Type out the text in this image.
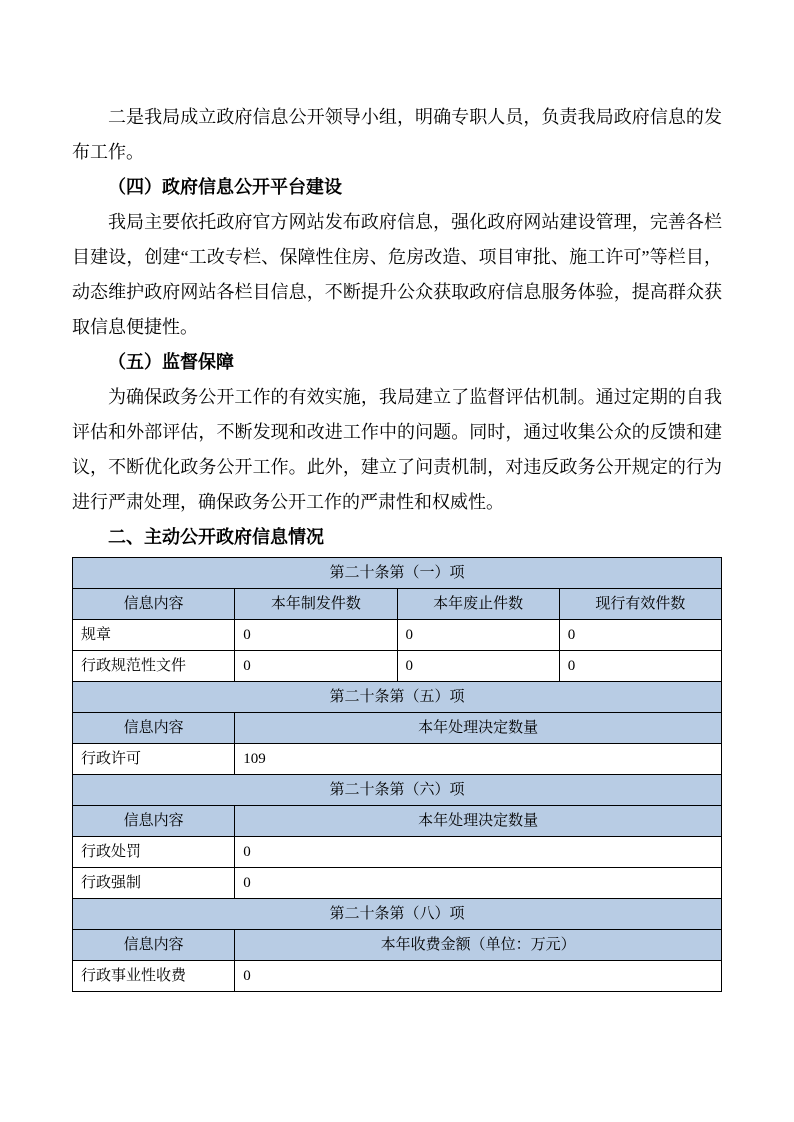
二是我局成立政府信息公开领导小组，明确专职人员，负责我局政府信息的发布工作。

（四）政府信息公开平台建设

我局主要依托政府官方网站发布政府信息，强化政府网站建设管理，完善各栏目建设，创建“工改专栏、保障性住房、危房改造、项目审批、施工许可”等栏目，动态维护政府网站各栏目信息，不断提升公众获取政府信息服务体验，提高群众获取信息便捷性。

（五）监督保障

为确保政务公开工作的有效实施，我局建立了监督评估机制。通过定期的自我评估和外部评估，不断发现和改进工作中的问题。同时，通过收集公众的反馈和建议，不断优化政务公开工作。此外，建立了问责机制，对违反政务公开规定的行为进行严肃处理，确保政务公开工作的严肃性和权威性。

二、主动公开政府信息情况

第二十条第（一）项			
信息内容	本年制发件数	本年废止件数	现行有效件数
规章	0	0	0
行政规范性文件	0	0	0
第二十条第（五）项			
信息内容	本年处理决定数量		
行政许可	109		
第二十条第（六）项			
信息内容	本年处理决定数量		
行政处罚	0		
行政强制	0		
第二十条第（八）项			
信息内容	本年收费金额（单位：万元）		
行政事业性收费	0		
